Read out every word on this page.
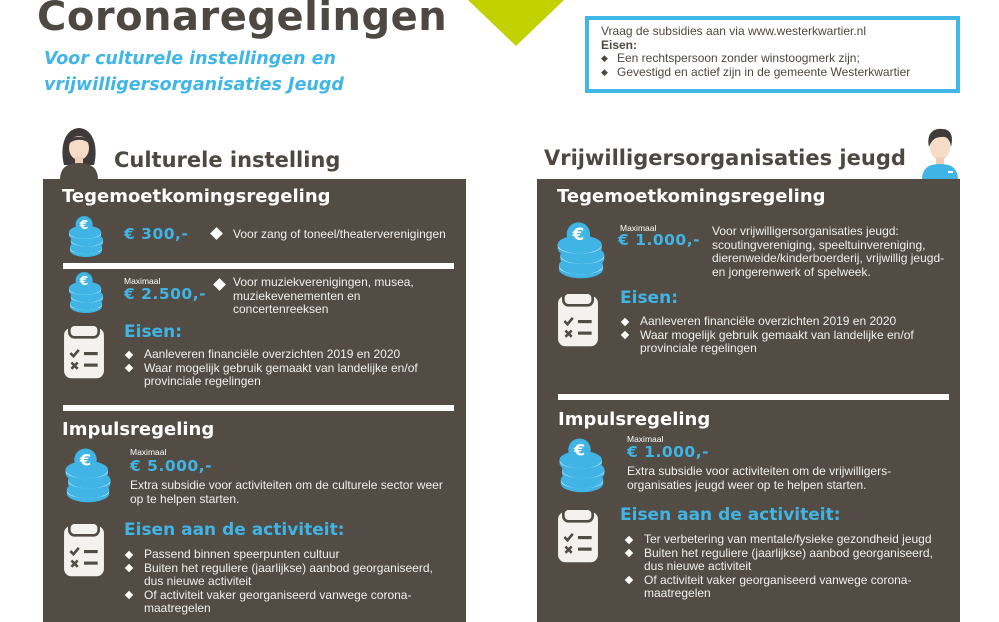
Coronaregelingen
Voor culturele instellingen en
vrijwilligersorganisaties Jeugd
Vraag de subsidies aan via www.westerkwartier.nl
Eisen:
◆ Een rechtspersoon zonder winstoogmerk zijn;
◆ Gevestigd en actief zijn in de gemeente Westerkwartier
Culturele instelling	Vrijwilligersorganisaties jeugd
Tegemoetkomingsregeling
€ 300,-	Voor zang of toneel/theaterverenigingen
Maximaal
€ 2.500,-
Voor muziekverenigingen, musea,
muziekevenementen en
concertenreeksen
Eisen:
Aanleveren financiële overzichten 2019 en 2020
Waar mogelijk gebruik gemaakt van landelijke en/of provinciale regelingen
Impulsregeling
Maximaal
€ 5.000,-
Extra subsidie voor activiteiten om de culturele sector weer op te helpen starten.
Eisen aan de activiteit:
Passend binnen speerpunten cultuur
Buiten het reguliere (jaarlijkse) aanbod georganiseerd, dus nieuwe activiteit
Of activiteit vaker georganiseerd vanwege corona-maatregelen
Tegemoetkomingsregeling
Maximaal
€ 1.000,- Voor vrijwilligersorganisaties jeugd: scoutingvereniging, speeltuinvereniging, dierenweide/kinderboerderij, vrijwillig jeugd- en jongerenwerk of spelweek.
Eisen:
Aanleveren financiële overzichten 2019 en 2020
Waar mogelijk gebruik gemaakt van landelijke en/of provinciale regelingen
Impulsregeling
Maximaal
€ 1.000,-
Extra subsidie voor activiteiten om de vrijwilligers-organisaties jeugd weer op te helpen starten.
Eisen aan de activiteit:
Ter verbetering van mentale/fysieke gezondheid jeugd
Buiten het reguliere (jaarlijkse) aanbod georganiseerd, dus nieuwe activiteit
Of activiteit vaker georganiseerd vanwege corona-maatregelen
